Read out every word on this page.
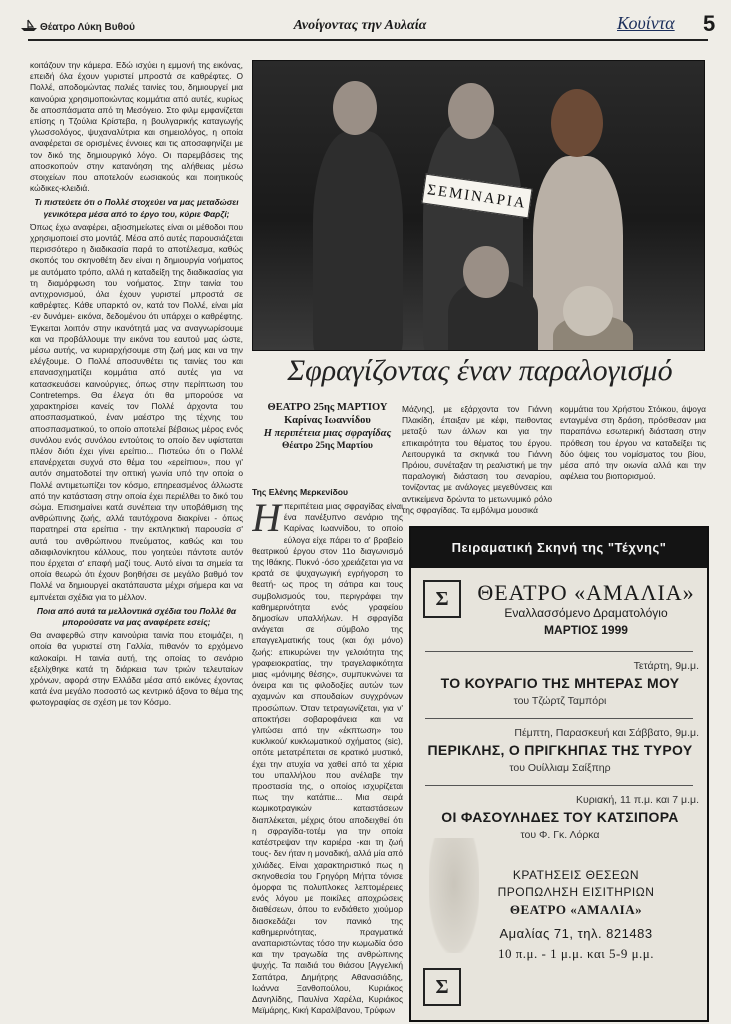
Θέατρο Λύκη Βυθού	Ανοίγοντας την Αυλαία	Κουίντα 5

κοιτάζουν την κάμερα. Εδώ ισχύει η εμμονή της εικόνας, επειδή όλα έχουν γυριστεί μπροστά σε καθρέφτες. Ο Πολλέ, αποδομώντας παλιές ταινίες του, δημιουργεί μια καινούρια χρησιμοποιώντας κομμάτια από αυτές, κυρίως δε αποσπάσματα από τη Μεσόγειο. Στο φιλμ εμφανίζεται επίσης η Τζούλια Κρίστεβα, η βουλγαρικής καταγωγής γλωσσολόγος, ψυχαναλύτρια και σημειολόγος, η οποία αναφέρεται σε ορισμένες έννοιες και τις αποσαφηνίζει με τον δικό της δημιουργικό λόγο. Οι παρεμβάσεις της αποσκοπούν στην κατανόηση της αλήθειας μέσω στοιχείων που αποτελούν εωσιακούς και ποιητικούς κώδικες-κλειδιά.

Τι πιστεύετε ότι ο Πολλέ στοχεύει να μας μεταδώσει γενικότερα μέσα από το έργο του, κύριε Φαρζί;

Όπως έχω αναφέρει, αξιοσημείωτες είναι οι μέθοδοι που χρησιμοποιεί στο μοντάζ. Μέσα από αυτές παρουσιάζεται περισσότερο η διαδικασία παρά το αποτέλεσμα, καθώς σκοπός του σκηνοθέτη δεν είναι η δημιουργία νοήματος με αυτόματο τρόπο, αλλά η καταδείξη της διαδικασίας για τη διαμόρφωση του νοήματος. Στην ταινία του αντιχρονισμού, όλα έχουν γυριστεί μπροστά σε καθρέφτες. Κάθε υπαρκτό ον, κατά τον Πολλέ, είναι μία -εν δυνάμει- εικόνα, δεδομένου ότι υπάρχει ο καθρέφτης. Έγκειται λοιπόν στην ικανότητά μας να αναγνωρίσουμε και να προβάλλουμε την εικόνα του εαυτού μας ώστε, μέσω αυτής, να κυριαρχήσουμε στη ζωή μας και να την ελέγξουμε. Ο Πολλέ αποσυνθέτει τις ταινίες του και επανασχηματίζει κομμάτια από αυτές για να κατασκευάσει καινούργιες, όπως στην περίπτωση του Contretemps. Θα έλεγα ότι θα μπορούσε να χαρακτηρίσει κανείς τον Πολλέ άρχοντα του αποσπασματικού, έναν μαέστρο της τέχνης του αποσπασματικού, το οποίο αποτελεί βέβαιως μέρος ενός συνόλου ενός συνόλου εντούτοις το οποίο δεν υφίσταται πλέον διότι έχει γίνει ερείπιο... Πιστεύω ότι ο Πολλέ επανέρχεται συχνά στο θέμα του «ερείπιου», που γι' αυτόν σηματοδοτεί την οπτική γωνία υπό την οποία ο Πολλέ αντιμετωπίζει τον κόσμο, επηρεασμένος άλλωστε από την κατάσταση στην οποία έχει περιέλθει το δικό του σώμα. Επισημαίνει κατά συνέπεια την υποβάθμιση της ανθρώπινης ζωής, αλλά ταυτόχρονα διακρίνει - όπως παρατηρεί στα ερείπια - την εκπληκτική παρουσία σ' αυτά του ανθρώπινου πνεύματος, καθώς και του αδιαφιλονίκητου κάλλους, που γοητεύει πάντοτε αυτόν που έρχεται σ' επαφή μαζί τους. Αυτό είναι τα σημεία τα οποία θεωρώ ότι έχουν βοηθήσει σε μεγάλο βαθμό τον Πολλέ να δημιουργεί ακατάπαυστα μέχρι σήμερα και να εμπνέεται σχέδια για το μέλλον.

Ποια από αυτά τα μελλοντικά σχέδια του Πολλέ θα μπορούσατε να μας αναφέρετε εσείς;

Θα αναφερθώ στην καινούρια ταινία που ετοιμάζει, η οποία θα γυριστεί στη Γαλλία, πιθανόν το ερχόμενο καλοκαίρι. Η ταινία αυτή, της οποίας το σενάριο εξελίχθηκε κατά τη διάρκεια των τριών τελευταίων χρόνων, αφορά στην Ελλάδα μέσα από εικόνες έχοντας κατά ένα μεγάλο ποσοστό ως κεντρικό άξονα το θέμα της φωτογραφίας σε σχέση με τον Κόσμο.

ΣΕΜΙΝΑΡΙΑ
Σφραγίζοντας έναν παραλογισμό
ΘΕΑΤΡΟ 25ης ΜΑΡΤΙΟΥ
Καρίνας Ιωαννίδου
Η περιπέτεια μιας σφραγίδας
Θέατρο 25ης Μαρτίου
Της Ελένης Μερκενίδου
Η περιπέτεια μιας σφραγίδας είναι ένα πανέξυπνο σενάριο της Καρίνας Ιωαννίδου, το οποίο εύλογα είχε πάρει το α' βραβείο θεατρικού έργου στον 11ο διαγωνισμό της Ιθάκης. Πυκνό -όσο χρειάζεται για να κρατά σε ψυχαγωγική εγρήγορση το θεατή- ως προς τη σάτιρα και τους συμβολισμούς του, περιγράφει την καθημερινότητα ενός γραφείου δημοσίων υπαλλήλων. Η σφραγίδα ανάγεται σε σύμβολο της επαγγελματικής τους (και όχι μόνο) ζωής: επικυρώνει την γελοιότητα της γραφειοκρατίας, την τραγελαφικότητα μιας «μόνιμης θέσης», συμπυκνώνει τα όνειρα και τις φιλοδοξίες αυτών των αχαμνών και σπουδαίων συγχρόνων προσώπων. Όταν τετραγωνίζεται, για ν' αποκτήσει σοβαροφάνεια και να γλιτώσει από την «έκπτωση» του κυκλικού/ κυκλωματικού σχήματος (sic), οπότε μετατρέπεται σε κρατικό μυστικό, έχει την ατυχία να χαθεί από τα χέρια του υπαλλήλου που ανέλαβε την προστασία της, ο οποίος ισχυρίζεται πως την κατάπιε... Μια σειρά κωμικοτραγικών καταστάσεων διαπλέκεται, μέχρις ότου αποδειχθεί ότι η σφραγίδα-τοτέμ για την οποία κατέστρεψαν την καριέρα -και τη ζωή τους- δεν ήταν η μοναδική, αλλά μία από χιλιάδες. Είναι χαρακτηριστικό πως η σκηνοθεσία του Γρηγόρη Μήττα τόνισε όμορφα τις πολυπλοκες λεπτομέρειες ενός λόγου με ποικίλες αποχρώσεις διαθέσεων, όπου το ενδιάθετο χιούμορ διασκεδάζει τον πανικό της καθημερινότητας, πραγματικά αναπαριστώντας τόσο την κωμωδία όσο και την τραγωδία της ανθρώπινης ψυχής. Τα παιδιά του θιάσου [Αγγελική Σαπάτρα, Δημήτρης Αθανασιάδης, Ιωάννα Ξανθοπούλου, Κυριάκος Δανηλίδης, Παυλίνα Χαρέλα, Κυριάκος Μεϊμάρης, Κική Καραλίβανου, Τρύφων
Μάζνης], με εξάρχοντα τον Γιάννη Πλακίδη, έπαιξαν με κέφι, πειθοντας μεταξύ των άλλων και για την επικαιρότητα του θέματος του έργου. Λειτουργικά τα σκηνικά του Γιάννη Πρόιου, συνέταξαν τη ρεαλιστική με την παραλογική διάσταση του σεναρίου, τονίζοντας με ανάλογες μεγεθύνσεις και αντικείμενα δρώντα το μετωνυμικό ρόλο της σφραγίδας. Τα εμβόλιμα μουσικά
κομμάτια του Χρήστου Στόικου, άψογα ενταγμένα στη δράση, πρόσθεσαν μια παραπάνω εσωτερική διάσταση στην πρόθεση του έργου να καταδείξει τις δύο όψεις του νομίσματος του βίου, μέσα από την οιωνία αλλά και την αφέλεια του βιοπορισμού.
Πειραματική Σκηνή της "Τέχνης"
Σ	ΘΕΑΤΡΟ «ΑΜΑΛΙΑ»
Εναλλασσόμενο Δραματολόγιο
ΜΑΡΤΙΟΣ 1999
Τετάρτη, 9μ.μ.
ΤΟ ΚΟΥΡΑΓΙΟ ΤΗΣ ΜΗΤΕΡΑΣ ΜΟΥ
του Τζώρτζ Ταμπόρι
Πέμπτη, Παρασκευή και Σάββατο, 9μ.μ.
ΠΕΡΙΚΛΗΣ, Ο ΠΡΙΓΚΗΠΑΣ ΤΗΣ ΤΥΡΟΥ
του Ουίλλιαμ Σαίξπηρ
Κυριακή, 11 π.μ. και 7 μ.μ.
ΟΙ ΦΑΣΟΥΛΗΔΕΣ ΤΟΥ ΚΑΤΣΙΠΟΡΑ
του Φ. Γκ. Λόρκα
ΚΡΑΤΗΣΕΙΣ ΘΕΣΕΩΝ
ΠΡΟΠΩΛΗΣΗ ΕΙΣΙΤΗΡΙΩΝ
ΘΕΑΤΡΟ «ΑΜΑΛΙΑ»
Αμαλίας 71, τηλ. 821483
10 π.μ. - 1 μ.μ. και 5-9 μ.μ.
Σ
